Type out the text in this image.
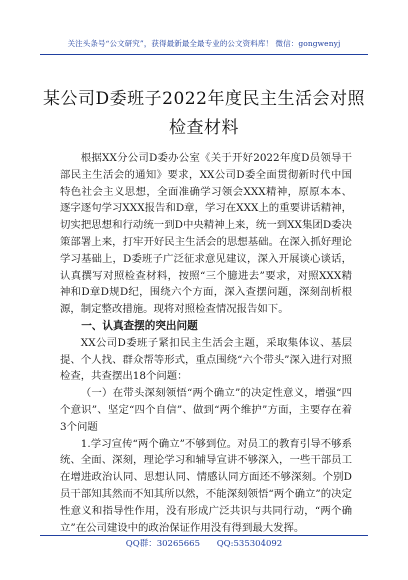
关注头条号“公文研究”，获得最新最全最专业的公文资料库！ 微信：gongwenyj
某公司D委班子2022年度民主生活会对照
检查材料

根据XX分公司D委办公室《关于开好2022年度D员领导干部民主生活会的通知》要求，XX公司D委全面贯彻新时代中国特色社会主义思想，全面准确学习领会XXX精神，原原本本、逐字逐句学习XXX报告和D章，学习在XXX上的重要讲话精神，切实把思想和行动统一到D中央精神上来，统一到XX集团D委决策部署上来，打牢开好民主生活会的思想基础。在深入抓好理论学习基础上，D委班子广泛征求意见建议，深入开展谈心谈话，认真撰写对照检查材料，按照“三个臆进去”要求，对照XXX精神和D章D规D纪，围绕六个方面，深入查摆问题，深刻剖析根源，制定整改措施。现将对照检查情况报告如下。

一、认真查摆的突出问题

XX公司D委班子紧扣民主生活会主题，采取集体议、基层提、个人找、群众帮等形式，重点围绕“六个带头”深入进行对照检查，共查摆出18个问题：

（一）在带头深刻领悟“两个确立”的决定性意义，增强“四个意识”、坚定“四个自信”、做到“两个维护”方面，主要存在着3个问题

1.学习宣传“两个确立”不够到位。对员工的教育引导不够系统、全面、深刻，理论学习和辅导宣讲不够深入，一些干部员工在增进政治认同、思想认同、情感认同方面还不够深刻。个别D员干部知其然而不知其所以然，不能深刻领悟“两个确立”的决定性意义和指导性作用，没有形成广泛共识与共同行动，“两个确立”在公司建设中的政治保证作用没有得到最大发挥。

QQ群：30265665 QQ:535304092
